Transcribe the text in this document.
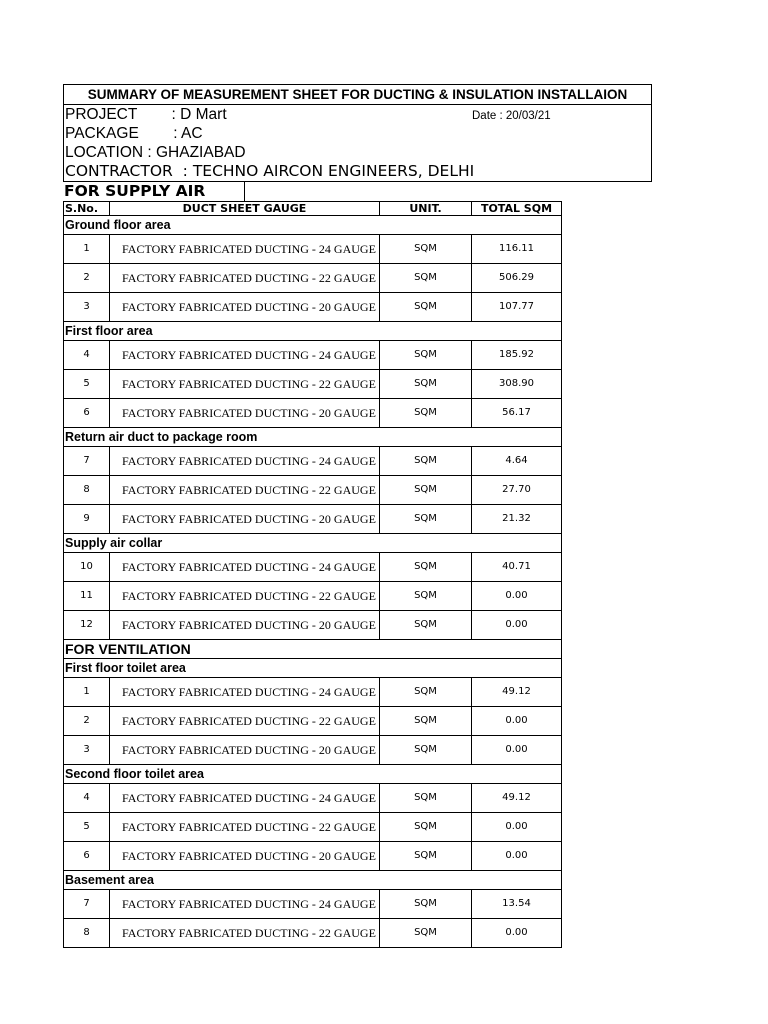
SUMMARY OF MEASUREMENT SHEET FOR DUCTING & INSULATION INSTALLAION
PROJECT        : D Mart	Date : 20/03/21
PACKAGE        : AC
LOCATION : GHAZIABAD
CONTRACTOR  : TECHNO AIRCON ENGINEERS, DELHI
FOR SUPPLY AIR
S.No.	DUCT SHEET GAUGE	UNIT.	TOTAL SQM
Ground floor area
1	FACTORY FABRICATED DUCTING - 24 GAUGE	SQM	116.11
2	FACTORY FABRICATED DUCTING - 22 GAUGE	SQM	506.29
3	FACTORY FABRICATED DUCTING - 20 GAUGE	SQM	107.77
First floor area
4	FACTORY FABRICATED DUCTING - 24 GAUGE	SQM	185.92
5	FACTORY FABRICATED DUCTING - 22 GAUGE	SQM	308.90
6	FACTORY FABRICATED DUCTING - 20 GAUGE	SQM	56.17
Return air duct to package room
7	FACTORY FABRICATED DUCTING - 24 GAUGE	SQM	4.64
8	FACTORY FABRICATED DUCTING - 22 GAUGE	SQM	27.70
9	FACTORY FABRICATED DUCTING - 20 GAUGE	SQM	21.32
Supply air collar
10	FACTORY FABRICATED DUCTING - 24 GAUGE	SQM	40.71
11	FACTORY FABRICATED DUCTING - 22 GAUGE	SQM	0.00
12	FACTORY FABRICATED DUCTING - 20 GAUGE	SQM	0.00
FOR VENTILATION
First floor toilet area
1	FACTORY FABRICATED DUCTING - 24 GAUGE	SQM	49.12
2	FACTORY FABRICATED DUCTING - 22 GAUGE	SQM	0.00
3	FACTORY FABRICATED DUCTING - 20 GAUGE	SQM	0.00
Second floor toilet area
4	FACTORY FABRICATED DUCTING - 24 GAUGE	SQM	49.12
5	FACTORY FABRICATED DUCTING - 22 GAUGE	SQM	0.00
6	FACTORY FABRICATED DUCTING - 20 GAUGE	SQM	0.00
Basement area
7	FACTORY FABRICATED DUCTING - 24 GAUGE	SQM	13.54
8	FACTORY FABRICATED DUCTING - 22 GAUGE	SQM	0.00
